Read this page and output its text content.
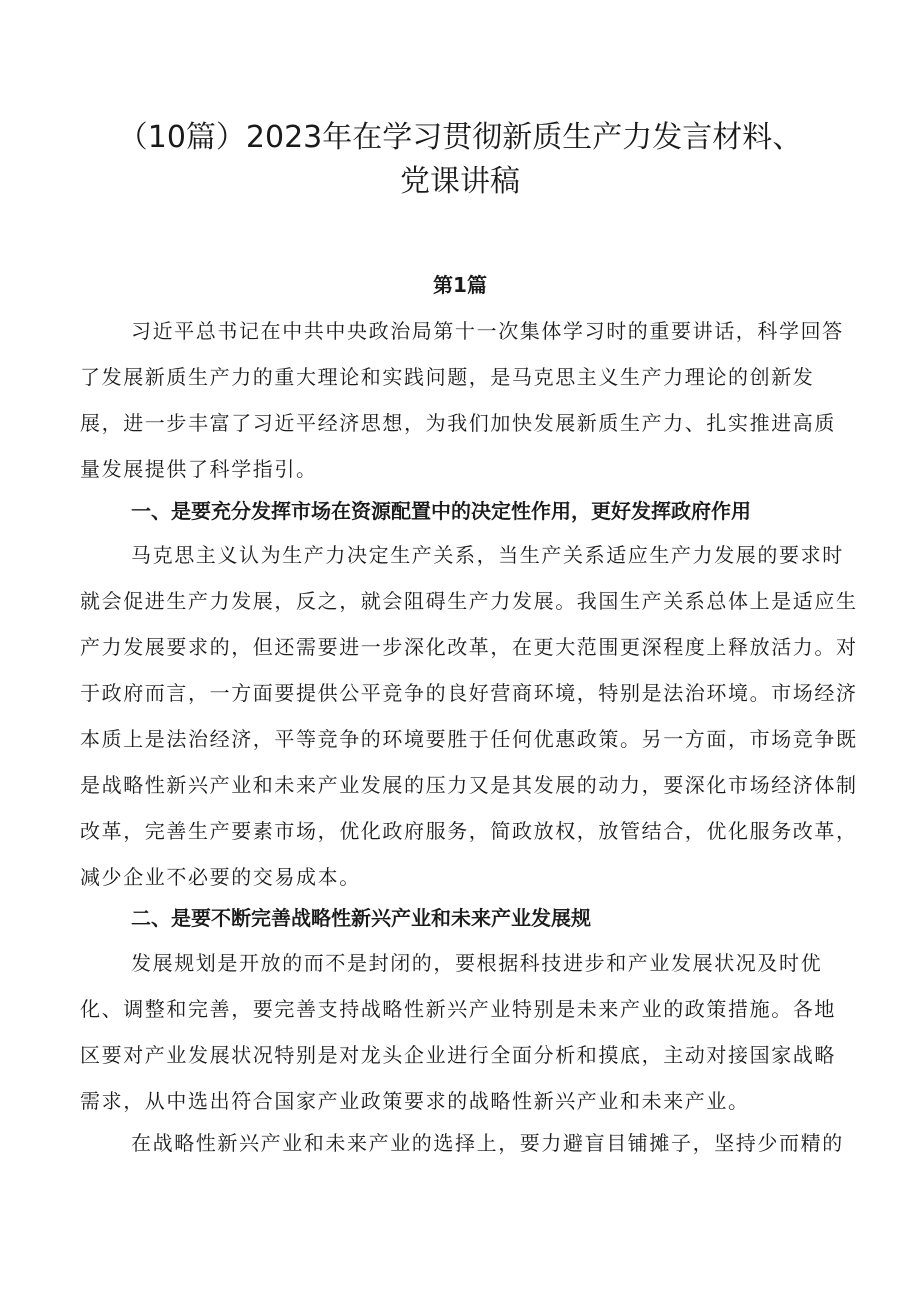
（10篇）2023年在学习贯彻新质生产力发言材料、
党课讲稿
第1篇
习近平总书记在中共中央政治局第十一次集体学习时的重要讲话，科学回答
了发展新质生产力的重大理论和实践问题，是马克思主义生产力理论的创新发
展，进一步丰富了习近平经济思想，为我们加快发展新质生产力、扎实推进高质
量发展提供了科学指引。
一、是要充分发挥市场在资源配置中的决定性作用，更好发挥政府作用
马克思主义认为生产力决定生产关系，当生产关系适应生产力发展的要求时
就会促进生产力发展，反之，就会阻碍生产力发展。我国生产关系总体上是适应生
产力发展要求的，但还需要进一步深化改革，在更大范围更深程度上释放活力。对
于政府而言，一方面要提供公平竞争的良好营商环境，特别是法治环境。市场经济
本质上是法治经济，平等竞争的环境要胜于任何优惠政策。另一方面，市场竞争既
是战略性新兴产业和未来产业发展的压力又是其发展的动力，要深化市场经济体制
改革，完善生产要素市场，优化政府服务，简政放权，放管结合，优化服务改革，
减少企业不必要的交易成本。
二、是要不断完善战略性新兴产业和未来产业发展规
发展规划是开放的而不是封闭的，要根据科技进步和产业发展状况及时优
化、调整和完善，要完善支持战略性新兴产业特别是未来产业的政策措施。各地
区要对产业发展状况特别是对龙头企业进行全面分析和摸底，主动对接国家战略
需求，从中选出符合国家产业政策要求的战略性新兴产业和未来产业。
在战略性新兴产业和未来产业的选择上，要力避盲目铺摊子，坚持少而精的
